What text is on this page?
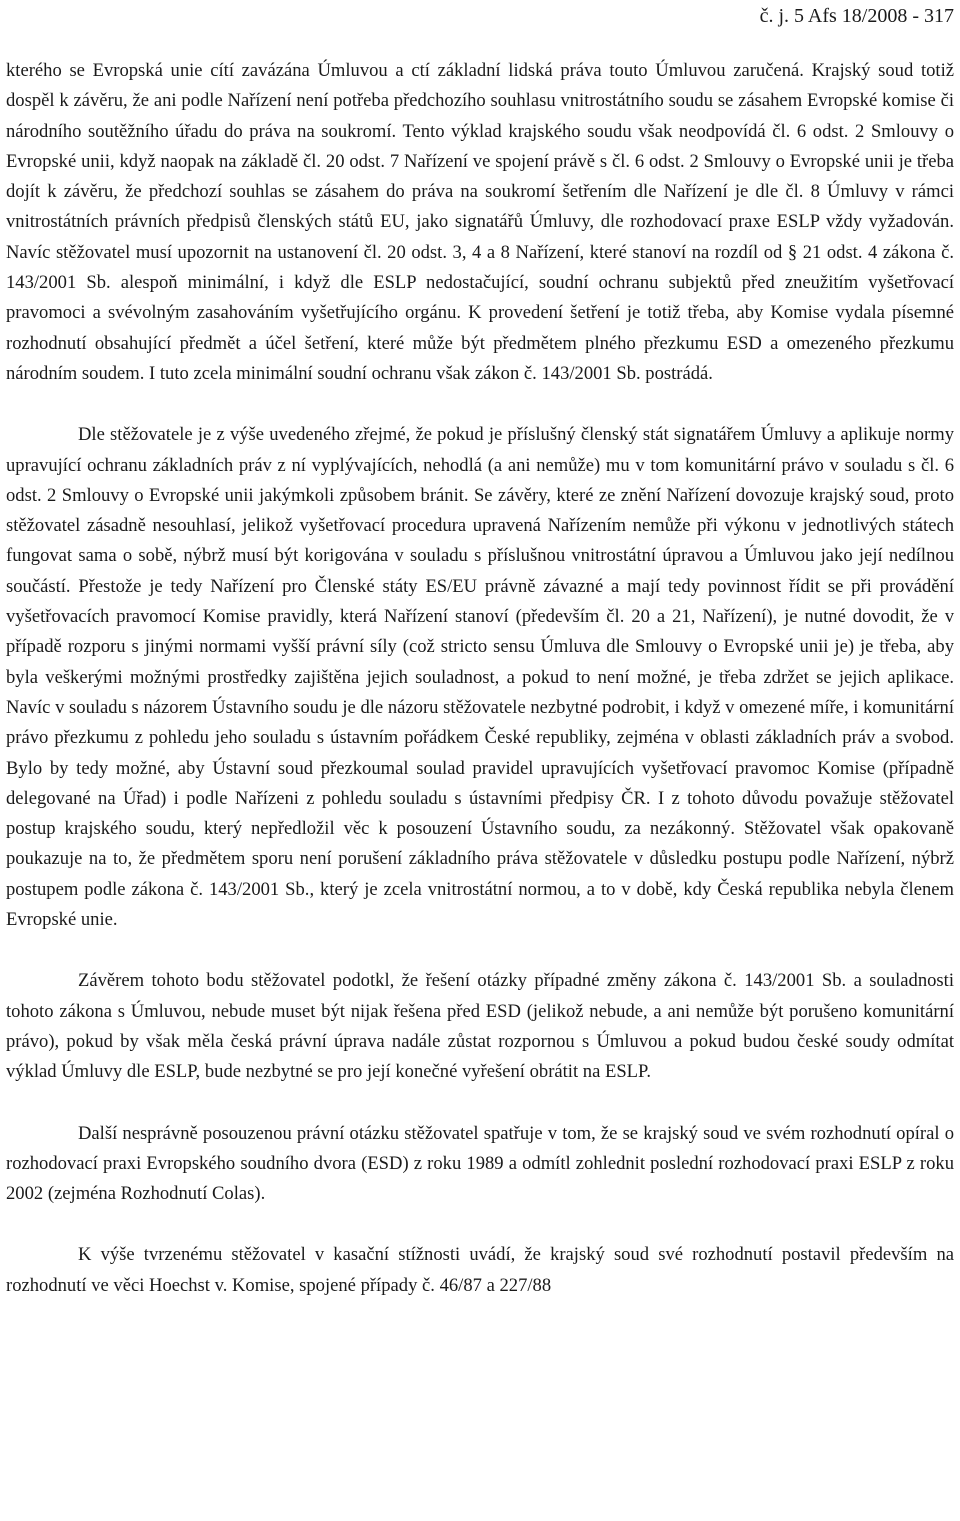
č. j. 5 Afs 18/2008 - 317

kterého se Evropská unie cítí zavázána Úmluvou a ctí základní lidská práva touto Úmluvou zaručená. Krajský soud totiž dospěl k závěru, že ani podle Nařízení není potřeba předchozího souhlasu vnitrostátního soudu se zásahem Evropské komise či národního soutěžního úřadu do práva na soukromí. Tento výklad krajského soudu však neodpovídá čl. 6 odst. 2 Smlouvy o Evropské unii, když naopak na základě čl. 20 odst. 7 Nařízení ve spojení právě s čl. 6 odst. 2 Smlouvy o Evropské unii je třeba dojít k závěru, že předchozí souhlas se zásahem do práva na soukromí šetřením dle Nařízení je dle čl. 8 Úmluvy v rámci vnitrostátních právních předpisů členských států EU, jako signatářů Úmluvy, dle rozhodovací praxe ESLP vždy vyžadován. Navíc stěžovatel musí upozornit na ustanovení čl. 20 odst. 3, 4 a 8 Nařízení, které stanoví na rozdíl od § 21 odst. 4 zákona č. 143/2001 Sb. alespoň minimální, i když dle ESLP nedostačující, soudní ochranu subjektů před zneužitím vyšetřovací pravomoci a svévolným zasahováním vyšetřujícího orgánu. K provedení šetření je totiž třeba, aby Komise vydala písemné rozhodnutí obsahující předmět a účel šetření, které může být předmětem plného přezkumu ESD a omezeného přezkumu národním soudem. I tuto zcela minimální soudní ochranu však zákon č. 143/2001 Sb. postrádá.

Dle stěžovatele je z výše uvedeného zřejmé, že pokud je příslušný členský stát signatářem Úmluvy a aplikuje normy upravující ochranu základních práv z ní vyplývajících, nehodlá (a ani nemůže) mu v tom komunitární právo v souladu s čl. 6 odst. 2 Smlouvy o Evropské unii jakýmkoli způsobem bránit. Se závěry, které ze znění Nařízení dovozuje krajský soud, proto stěžovatel zásadně nesouhlasí, jelikož vyšetřovací procedura upravená Nařízením nemůže při výkonu v jednotlivých státech fungovat sama o sobě, nýbrž musí být korigována v souladu s příslušnou vnitrostátní úpravou a Úmluvou jako její nedílnou součástí. Přestože je tedy Nařízení pro Členské státy ES/EU právně závazné a mají tedy povinnost řídit se při provádění vyšetřovacích pravomocí Komise pravidly, která Nařízení stanoví (především čl. 20 a 21, Nařízení), je nutné dovodit, že v případě rozporu s jinými normami vyšší právní síly (což stricto sensu Úmluva dle Smlouvy o Evropské unii je) je třeba, aby byla veškerými možnými prostředky zajištěna jejich souladnost, a pokud to není možné, je třeba zdržet se jejich aplikace. Navíc v souladu s názorem Ústavního soudu je dle názoru stěžovatele nezbytné podrobit, i když v omezené míře, i komunitární právo přezkumu z pohledu jeho souladu s ústavním pořádkem České republiky, zejména v oblasti základních práv a svobod. Bylo by tedy možné, aby Ústavní soud přezkoumal soulad pravidel upravujících vyšetřovací pravomoc Komise (případně delegované na Úřad) i podle Nařízeni z pohledu souladu s ústavními předpisy ČR. I z tohoto důvodu považuje stěžovatel postup krajského soudu, který nepředložil věc k posouzení Ústavního soudu, za nezákonný. Stěžovatel však opakovaně poukazuje na to, že předmětem sporu není porušení základního práva stěžovatele v důsledku postupu podle Nařízení, nýbrž postupem podle zákona č. 143/2001 Sb., který je zcela vnitrostátní normou, a to v době, kdy Česká republika nebyla členem Evropské unie.

Závěrem tohoto bodu stěžovatel podotkl, že řešení otázky případné změny zákona č. 143/2001 Sb. a souladnosti tohoto zákona s Úmluvou, nebude muset být nijak řešena před ESD (jelikož nebude, a ani nemůže být porušeno komunitární právo), pokud by však měla česká právní úprava nadále zůstat rozpornou s Úmluvou a pokud budou české soudy odmítat výklad Úmluvy dle ESLP, bude nezbytné se pro její konečné vyřešení obrátit na ESLP.

Další nesprávně posouzenou právní otázku stěžovatel spatřuje v tom, že se krajský soud ve svém rozhodnutí opíral o rozhodovací praxi Evropského soudního dvora (ESD) z roku 1989 a odmítl zohlednit poslední rozhodovací praxi ESLP z roku 2002 (zejména Rozhodnutí Colas).

K výše tvrzenému stěžovatel v kasační stížnosti uvádí, že krajský soud své rozhodnutí postavil především na rozhodnutí ve věci Hoechst v. Komise, spojené případy č. 46/87 a 227/88
